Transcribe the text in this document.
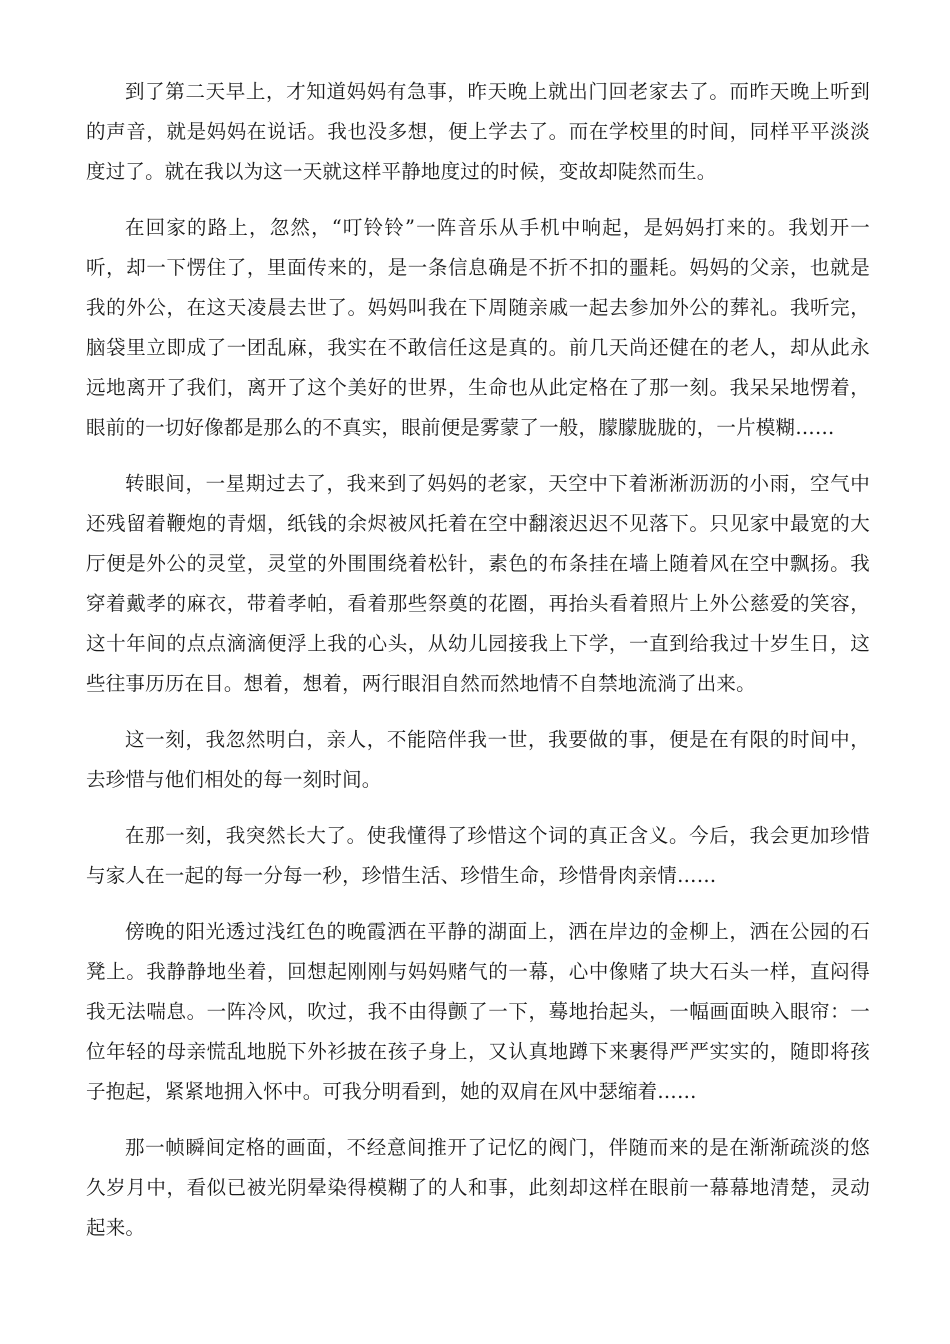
到了第二天早上，才知道妈妈有急事，昨天晚上就出门回老家去了。而昨天晚上听到的声音，就是妈妈在说话。我也没多想，便上学去了。而在学校里的时间，同样平平淡淡度过了。就在我以为这一天就这样平静地度过的时候，变故却陡然而生。

在回家的路上，忽然，“叮铃铃”一阵音乐从手机中响起，是妈妈打来的。我划开一听，却一下愣住了，里面传来的，是一条信息确是不折不扣的噩耗。妈妈的父亲，也就是我的外公，在这天凌晨去世了。妈妈叫我在下周随亲戚一起去参加外公的葬礼。我听完，脑袋里立即成了一团乱麻，我实在不敢信任这是真的。前几天尚还健在的老人，却从此永远地离开了我们，离开了这个美好的世界，生命也从此定格在了那一刻。我呆呆地愣着，眼前的一切好像都是那么的不真实，眼前便是雾蒙了一般，朦朦胧胧的，一片模糊……

转眼间，一星期过去了，我来到了妈妈的老家，天空中下着淅淅沥沥的小雨，空气中还残留着鞭炮的青烟，纸钱的余烬被风托着在空中翻滚迟迟不见落下。只见家中最宽的大厅便是外公的灵堂，灵堂的外围围绕着松针，素色的布条挂在墙上随着风在空中飘扬。我穿着戴孝的麻衣，带着孝帕，看着那些祭奠的花圈，再抬头看着照片上外公慈爱的笑容，这十年间的点点滴滴便浮上我的心头，从幼儿园接我上下学，一直到给我过十岁生日，这些往事历历在目。想着，想着，两行眼泪自然而然地情不自禁地流淌了出来。

这一刻，我忽然明白，亲人，不能陪伴我一世，我要做的事，便是在有限的时间中，去珍惜与他们相处的每一刻时间。

在那一刻，我突然长大了。使我懂得了珍惜这个词的真正含义。今后，我会更加珍惜与家人在一起的每一分每一秒，珍惜生活、珍惜生命，珍惜骨肉亲情……

傍晚的阳光透过浅红色的晚霞洒在平静的湖面上，洒在岸边的金柳上，洒在公园的石凳上。我静静地坐着，回想起刚刚与妈妈赌气的一幕，心中像赌了块大石头一样，直闷得我无法喘息。一阵冷风，吹过，我不由得颤了一下，蓦地抬起头，一幅画面映入眼帘：一位年轻的母亲慌乱地脱下外衫披在孩子身上，又认真地蹲下来裹得严严实实的，随即将孩子抱起，紧紧地拥入怀中。可我分明看到，她的双肩在风中瑟缩着……

那一帧瞬间定格的画面，不经意间推开了记忆的阀门，伴随而来的是在渐渐疏淡的悠久岁月中，看似已被光阴晕染得模糊了的人和事，此刻却这样在眼前一幕幕地清楚，灵动起来。
